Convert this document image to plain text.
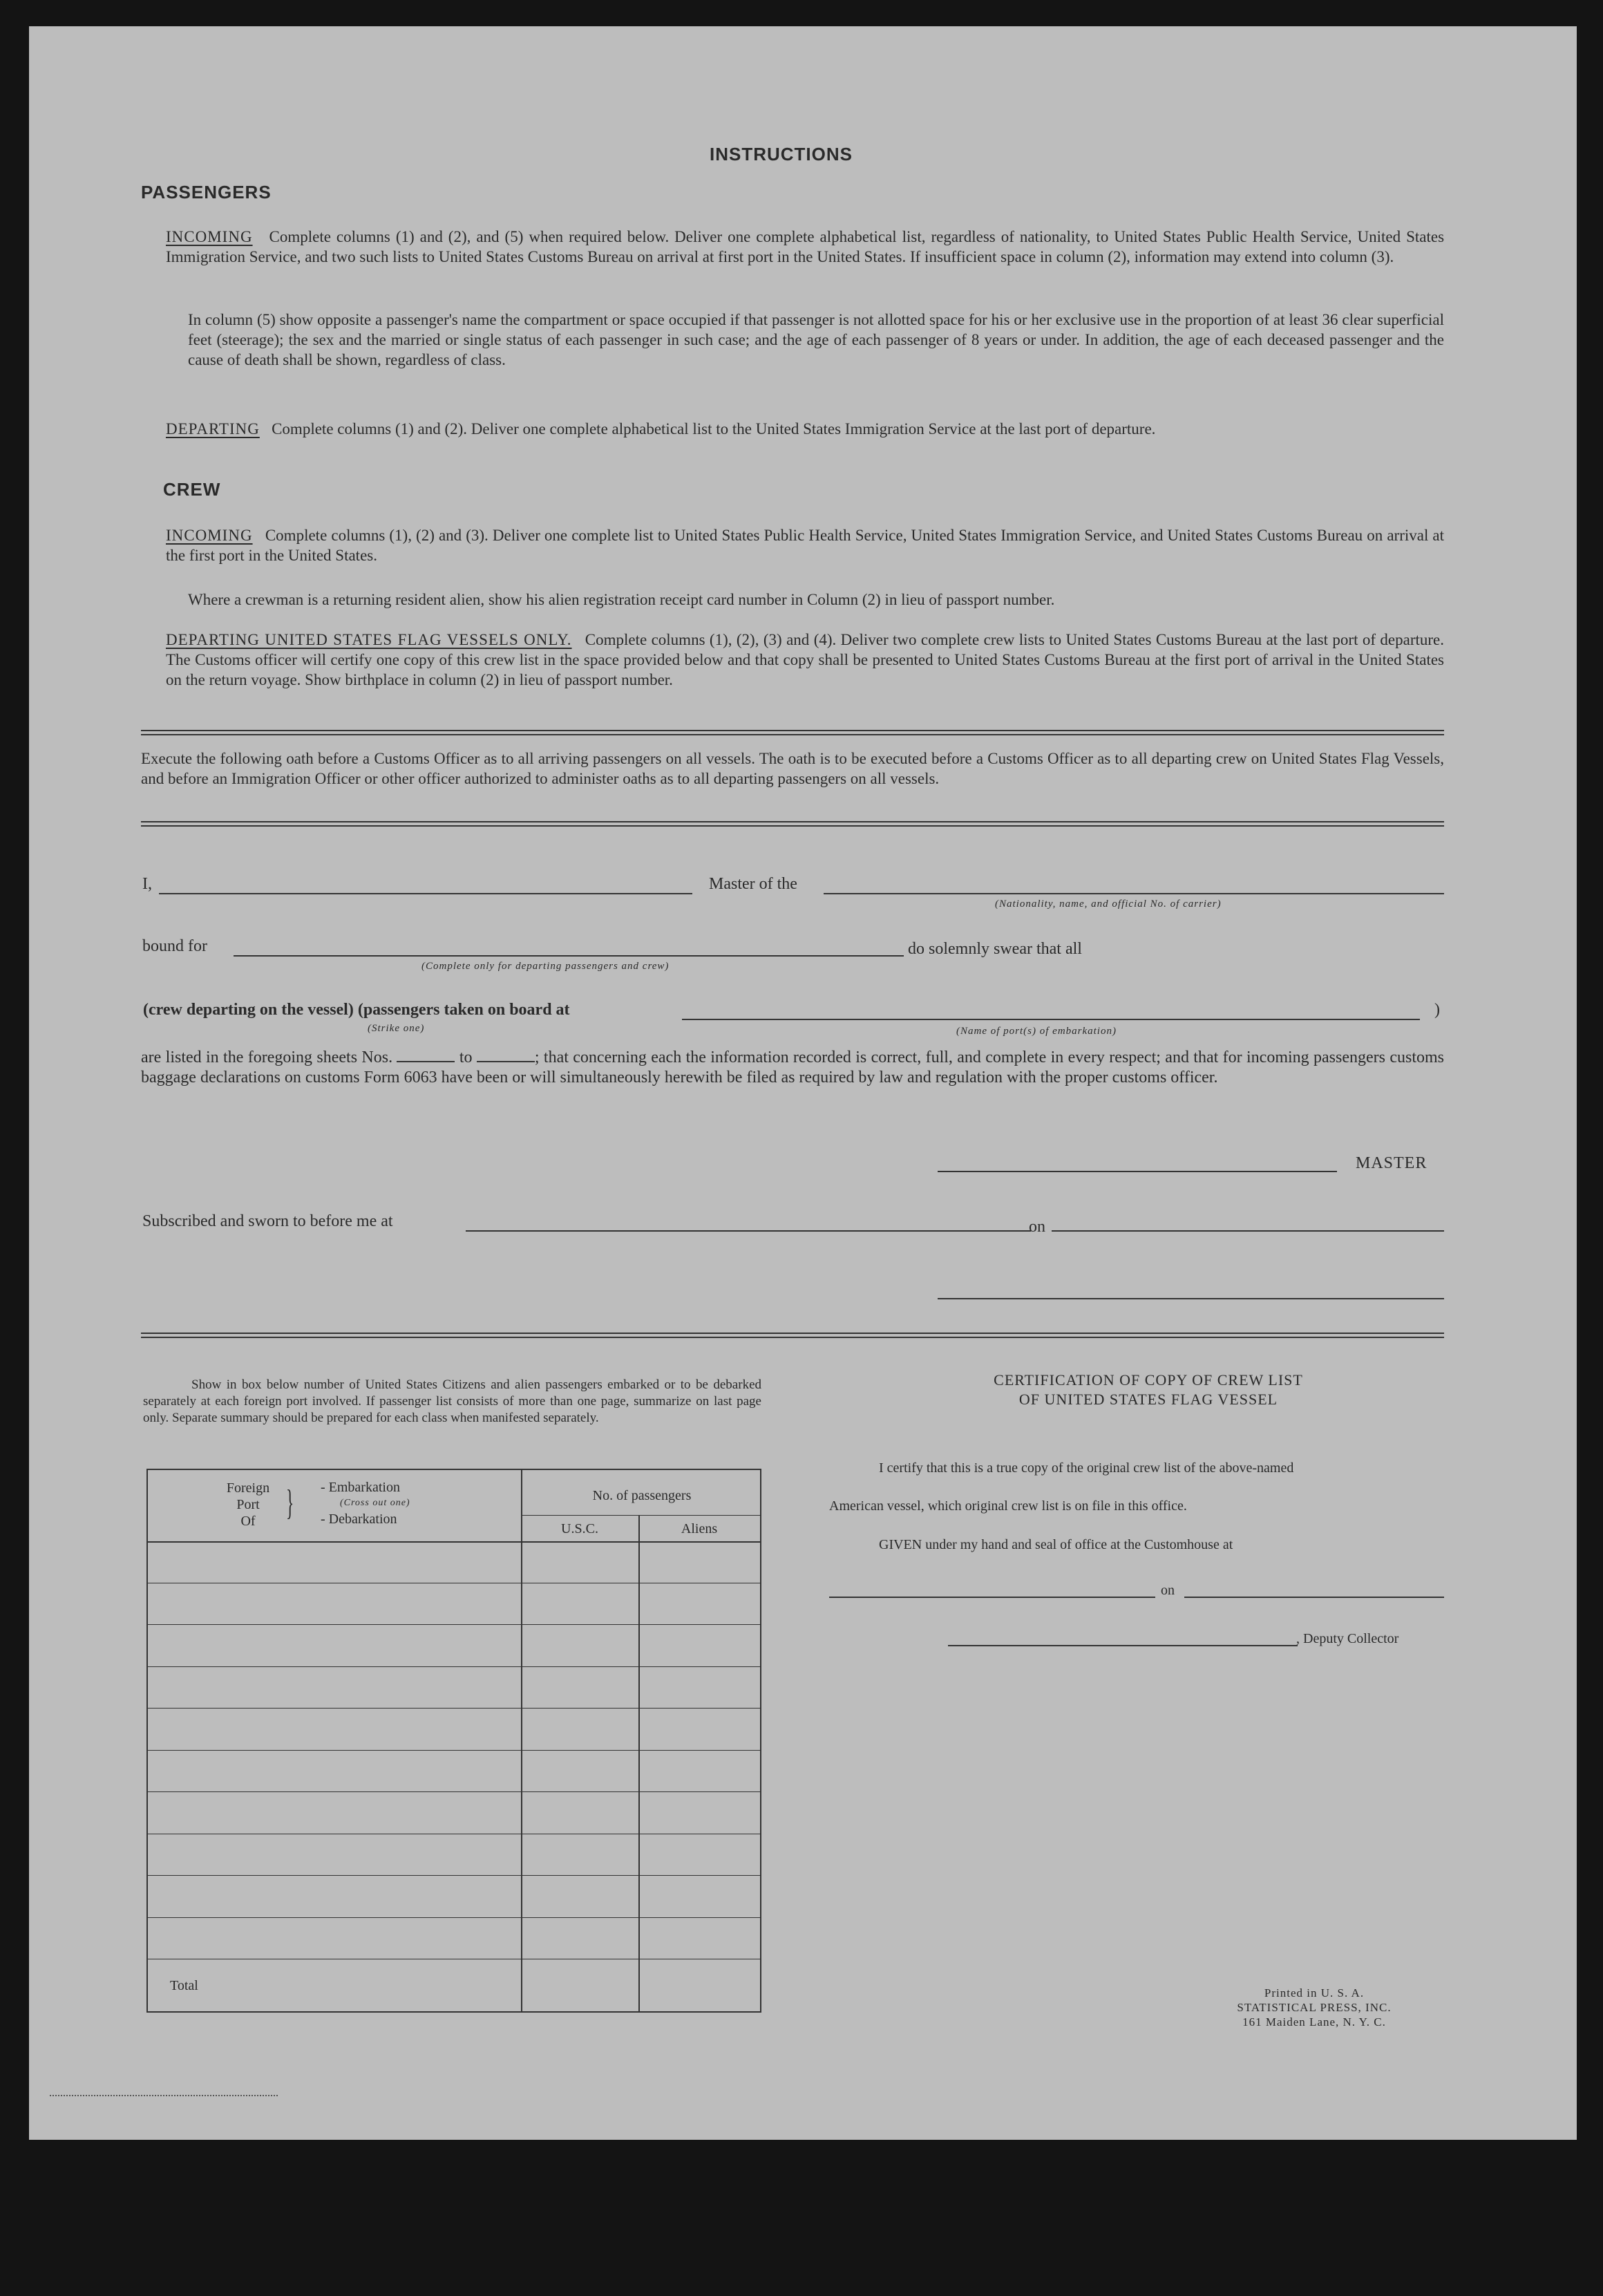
INSTRUCTIONS
PASSENGERS
INCOMING Complete columns (1) and (2), and (5) when required below. Deliver one complete alphabetical list, regardless of nationality, to United States Public Health Service, United States Immigration Service, and two such lists to United States Customs Bureau on arrival at first port in the United States. If insufficient space in column (2), information may extend into column (3).
In column (5) show opposite a passenger's name the compartment or space occupied if that passenger is not allotted space for his or her exclusive use in the proportion of at least 36 clear superficial feet (steerage); the sex and the married or single status of each passenger in such case; and the age of each passenger of 8 years or under. In addition, the age of each deceased passenger and the cause of death shall be shown, regardless of class.
DEPARTING Complete columns (1) and (2). Deliver one complete alphabetical list to the United States Immigration Service at the last port of departure.
CREW
INCOMING Complete columns (1), (2) and (3). Deliver one complete list to United States Public Health Service, United States Immigration Service, and United States Customs Bureau on arrival at the first port in the United States.
Where a crewman is a returning resident alien, show his alien registration receipt card number in Column (2) in lieu of passport number.
DEPARTING UNITED STATES FLAG VESSELS ONLY. Complete columns (1), (2), (3) and (4). Deliver two complete crew lists to United States Customs Bureau at the last port of departure. The Customs officer will certify one copy of this crew list in the space provided below and that copy shall be presented to United States Customs Bureau at the first port of arrival in the United States on the return voyage. Show birthplace in column (2) in lieu of passport number.
Execute the following oath before a Customs Officer as to all arriving passengers on all vessels. The oath is to be executed before a Customs Officer as to all departing crew on United States Flag Vessels, and before an Immigration Officer or other officer authorized to administer oaths as to all departing passengers on all vessels.
I,	Master of the
(Nationality, name, and official No. of carrier)
bound for
(Complete only for departing passengers and crew)
do solemnly swear that all
(crew departing on the vessel) (passengers taken on board at	)
(Strike one)	(Name of port(s) of embarkation)
are listed in the foregoing sheets Nos.	to	; that concerning each the information recorded is correct, full, and complete in every respect; and that for incoming passengers customs baggage declarations on customs Form 6063 have been or will simultaneously herewith be filed as required by law and regulation with the proper customs officer.
MASTER
Subscribed and sworn to before me at	on
Show in box below number of United States Citizens and alien passengers embarked or to be debarked separately at each foreign port involved. If passenger list consists of more than one page, summarize on last page only. Separate summary should be prepared for each class when manifested separately.
Foreign
Port
Of } - Embarkation
(Cross out one)
- Debarkation
No. of passengers
U.S.C.	Aliens
Total
CERTIFICATION OF COPY OF CREW LIST
OF UNITED STATES FLAG VESSEL
I certify that this is a true copy of the original crew list of the above-named
American vessel, which original crew list is on file in this office.
GIVEN under my hand and seal of office at the Customhouse at
on
, Deputy Collector
Printed in U. S. A.
STATISTICAL PRESS, INC.
161 Maiden Lane, N. Y. C.
